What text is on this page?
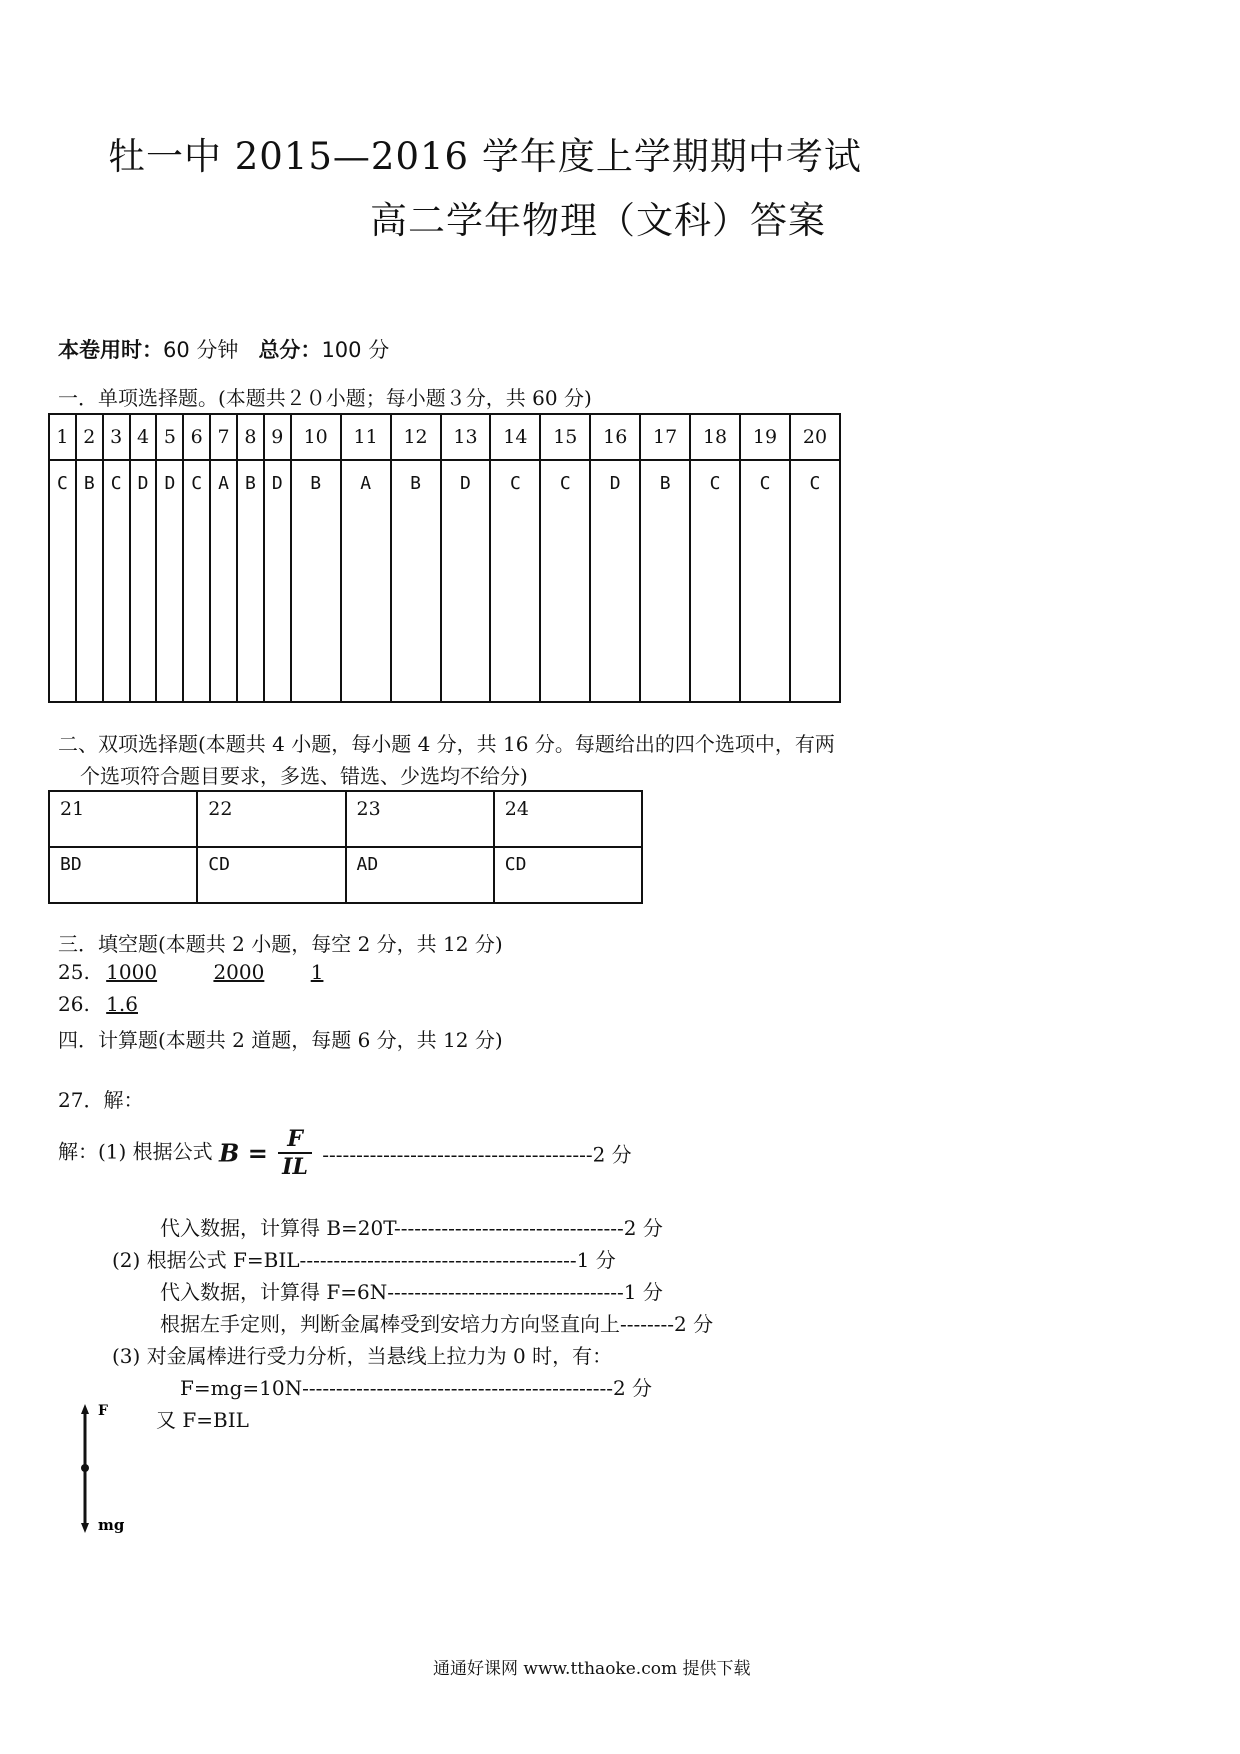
牡一中 2015—2016 学年度上学期期中考试
高二学年物理（文科）答案
本卷用时：60 分钟 总分：100 分
一．单项选择题。(本题共２０小题；每小题３分，共 60 分)
1	2	3	4	5	6	7	8	9	10	11	12	13	14	15	16	17	18	19	20
C	B	C	D	D	C	A	B	D	B	A	B	D	C	C	D	B	C	C	C
二、双项选择题(本题共 4 小题，每小题 4 分，共 16 分。每题给出的四个选项中，有两
个选项符合题目要求，多选、错选、少选均不给分)
21	22	23	24
BD	CD	AD	CD
三．填空题(本题共 2 小题，每空 2 分，共 12 分)
25. 1000	2000 1
26. 1.6
四．计算题(本题共 2 道题，每题 6 分，共 12 分)
27．解：
解：(1) 根据公式 $B = \frac{F}{IL} ----------------------------------------2$ 分
代入数据，计算得 B=20T----------------------------------2 分
(2) 根据公式 F=BIL-----------------------------------------1 分
代入数据，计算得 F=6N-----------------------------------1 分
根据左手定则，判断金属棒受到安培力方向竖直向上--------2 分
(3) 对金属棒进行受力分析，当悬线上拉力为 0 时，有：
F=mg=10N----------------------------------------------2 分
又 F=BIL
F
mg
通通好课网 www.tthaoke.com 提供下载
